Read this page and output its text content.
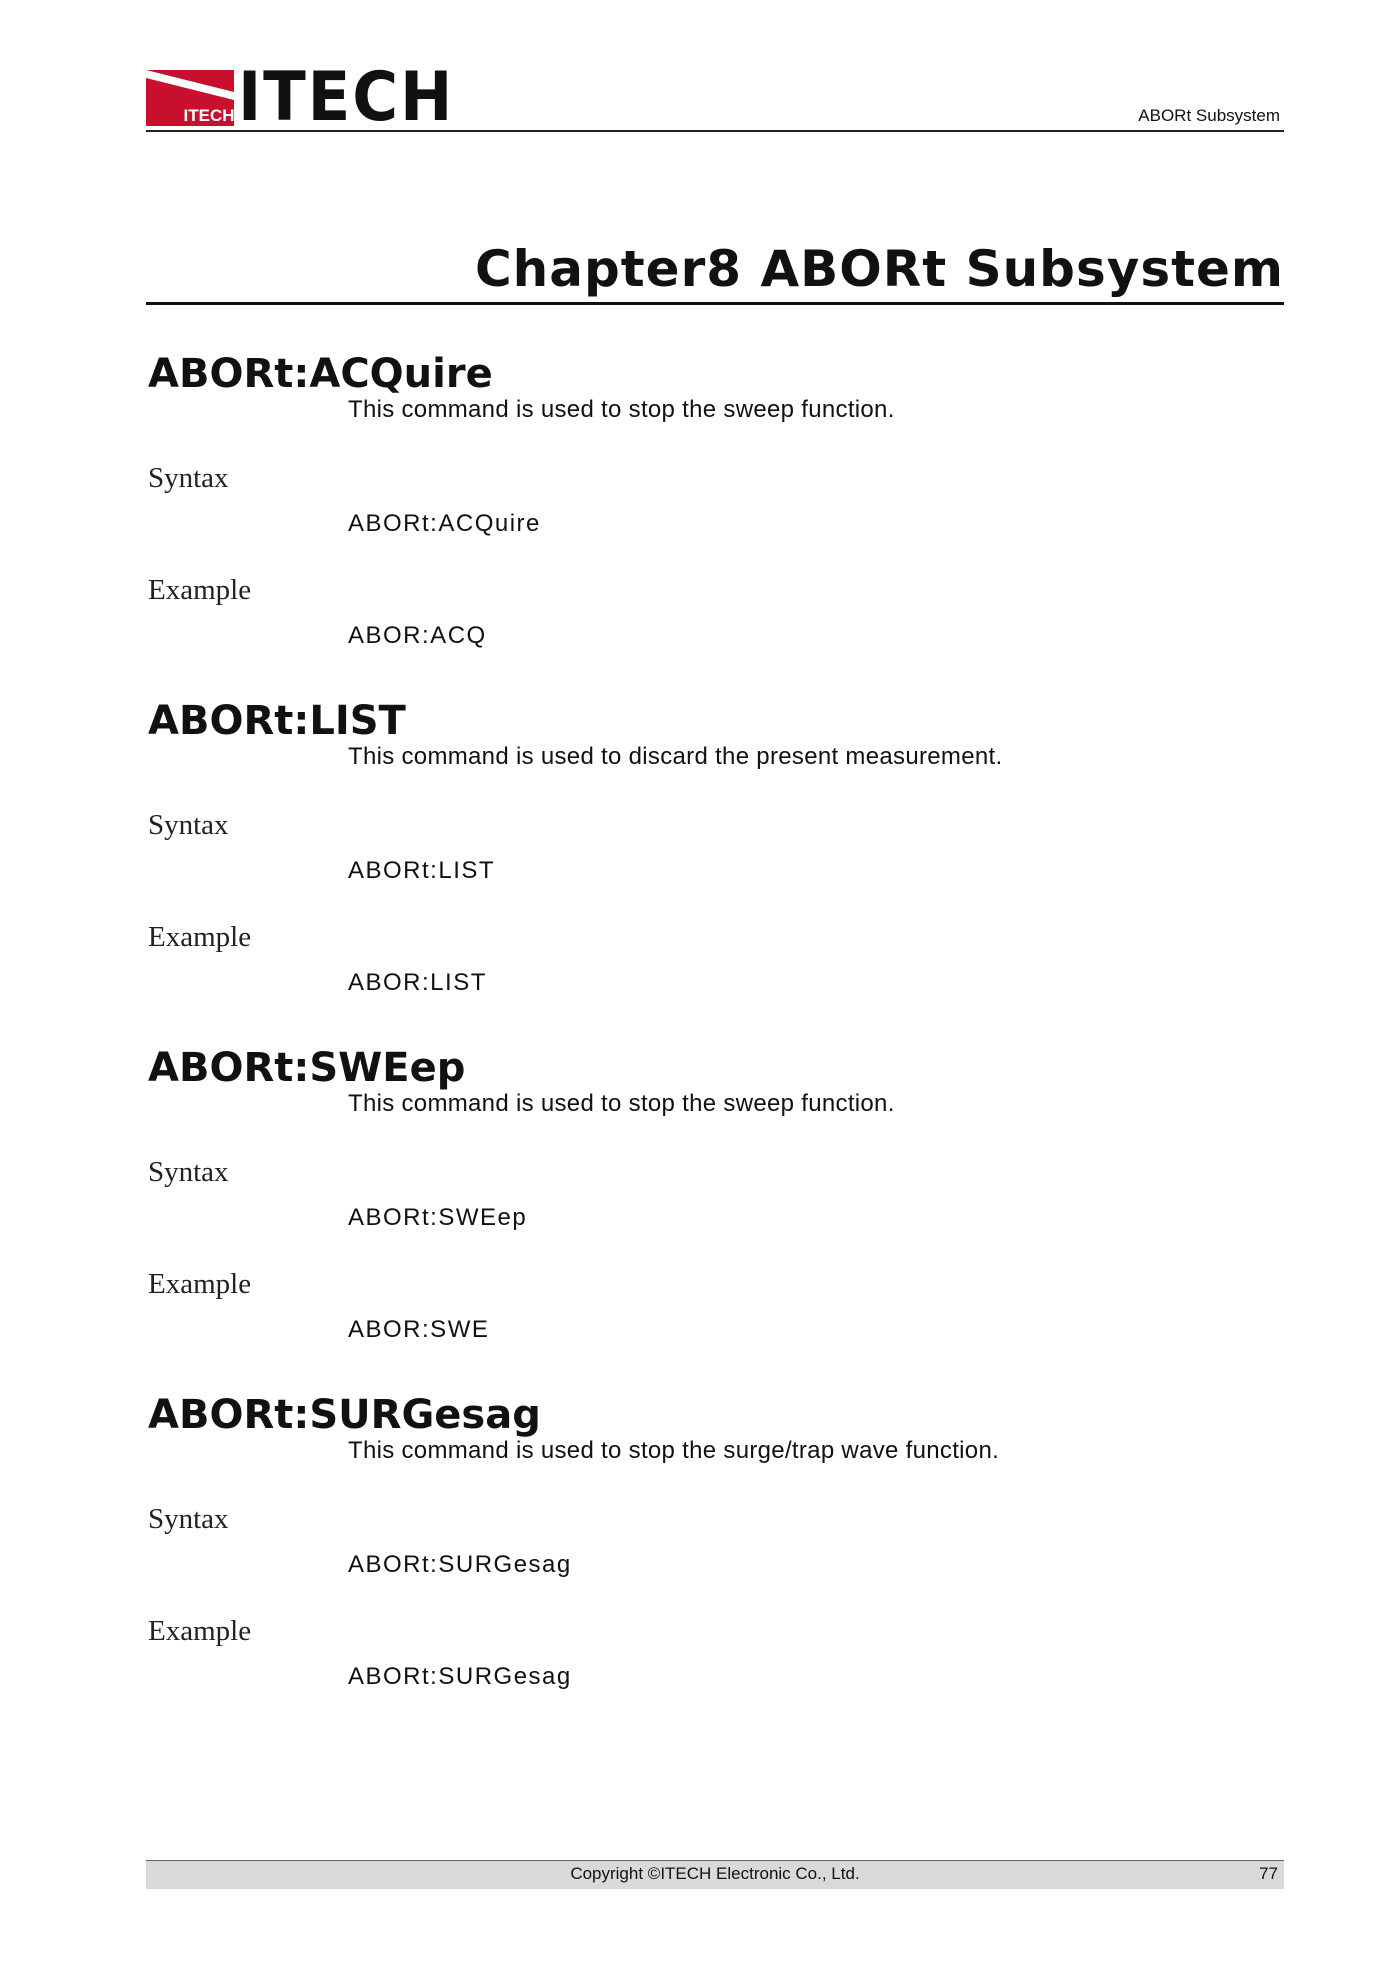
ITECH ITECH	ABORt Subsystem
Chapter8 ABORt Subsystem
ABORt:ACQuire
This command is used to stop the sweep function.
Syntax
ABORt:ACQuire
Example
ABOR:ACQ
ABORt:LIST
This command is used to discard the present measurement.
Syntax
ABORt:LIST
Example
ABOR:LIST
ABORt:SWEep
This command is used to stop the sweep function.
Syntax
ABORt:SWEep
Example
ABOR:SWE
ABORt:SURGesag
This command is used to stop the surge/trap wave function.
Syntax
ABORt:SURGesag
Example
ABORt:SURGesag
Copyright ©ITECH Electronic Co., Ltd.	77
